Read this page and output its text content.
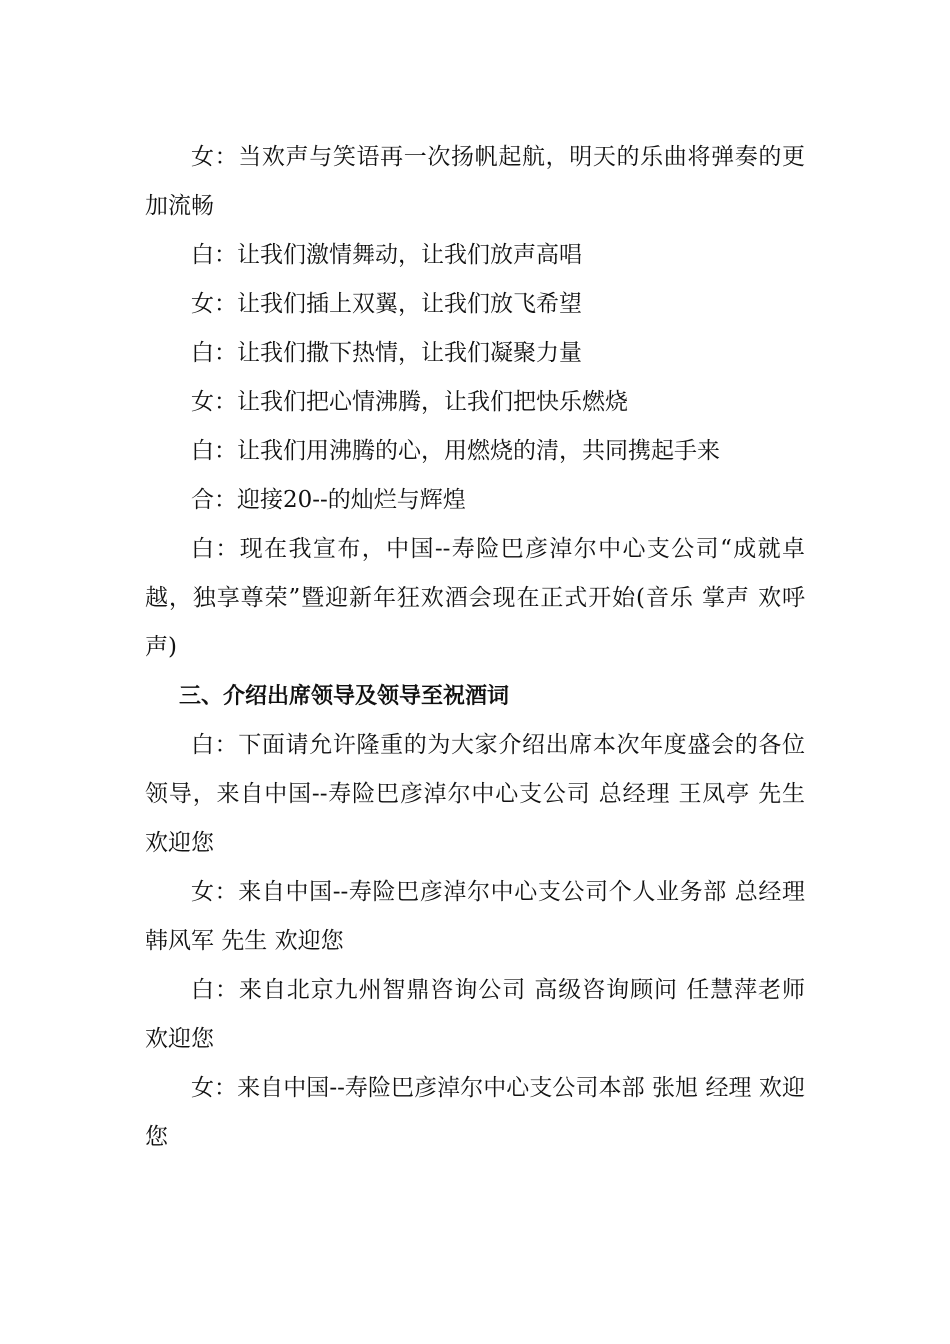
女：当欢声与笑语再一次扬帆起航，明天的乐曲将弹奏的更加流畅

白：让我们激情舞动，让我们放声高唱

女：让我们插上双翼，让我们放飞希望

白：让我们撒下热情，让我们凝聚力量

女：让我们把心情沸腾，让我们把快乐燃烧

白：让我们用沸腾的心，用燃烧的清，共同携起手来

合：迎接20--的灿烂与辉煌

白：现在我宣布，中国--寿险巴彦淖尔中心支公司“成就卓越，独享尊荣”暨迎新年狂欢酒会现在正式开始(音乐 掌声 欢呼声)

三、介绍出席领导及领导至祝酒词

白：下面请允许隆重的为大家介绍出席本次年度盛会的各位领导，来自中国--寿险巴彦淖尔中心支公司 总经理 王凤亭 先生 欢迎您

女：来自中国--寿险巴彦淖尔中心支公司个人业务部 总经理 韩风军 先生 欢迎您

白：来自北京九州智鼎咨询公司 高级咨询顾问 任慧萍老师 欢迎您

女：来自中国--寿险巴彦淖尔中心支公司本部 张旭 经理 欢迎您
